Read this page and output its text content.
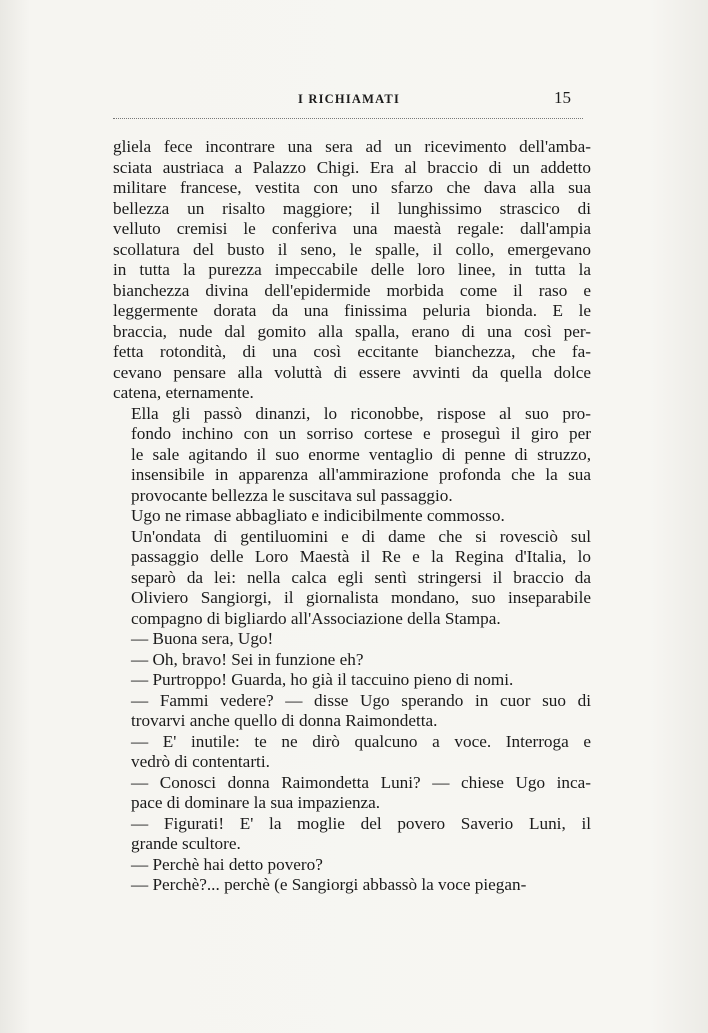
I RICHIAMATI	15
gliela fece incontrare una sera ad un ricevimento dell'amba-
sciata austriaca a Palazzo Chigi. Era al braccio di un addetto
militare francese, vestita con uno sfarzo che dava alla sua
bellezza un risalto maggiore; il lunghissimo strascico di
velluto cremisi le conferiva una maestà regale: dall'ampia
scollatura del busto il seno, le spalle, il collo, emergevano
in tutta la purezza impeccabile delle loro linee, in tutta la
bianchezza divina dell'epidermide morbida come il raso e
leggermente dorata da una finissima peluria bionda. E le
braccia, nude dal gomito alla spalla, erano di una così per-
fetta rotondità, di una così eccitante bianchezza, che fa-
cevano pensare alla voluttà di essere avvinti da quella dolce
catena, eternamente.
Ella gli passò dinanzi, lo riconobbe, rispose al suo pro-
fondo inchino con un sorriso cortese e proseguì il giro per
le sale agitando il suo enorme ventaglio di penne di struzzo,
insensibile in apparenza all'ammirazione profonda che la sua
provocante bellezza le suscitava sul passaggio.
Ugo ne rimase abbagliato e indicibilmente commosso.
Un'ondata di gentiluomini e di dame che si rovesciò sul
passaggio delle Loro Maestà il Re e la Regina d'Italia, lo
separò da lei: nella calca egli sentì stringersi il braccio da
Oliviero Sangiorgi, il giornalista mondano, suo inseparabile
compagno di bigliardo all'Associazione della Stampa.
— Buona sera, Ugo!
— Oh, bravo! Sei in funzione eh?
— Purtroppo! Guarda, ho già il taccuino pieno di nomi.
— Fammi vedere? — disse Ugo sperando in cuor suo di
trovarvi anche quello di donna Raimondetta.
— E' inutile: te ne dirò qualcuno a voce. Interroga e
vedrò di contentarti.
— Conosci donna Raimondetta Luni? — chiese Ugo inca-
pace di dominare la sua impazienza.
— Figurati! E' la moglie del povero Saverio Luni, il
grande scultore.
— Perchè hai detto povero?
— Perchè?... perchè (e Sangiorgi abbassò la voce piegan-
